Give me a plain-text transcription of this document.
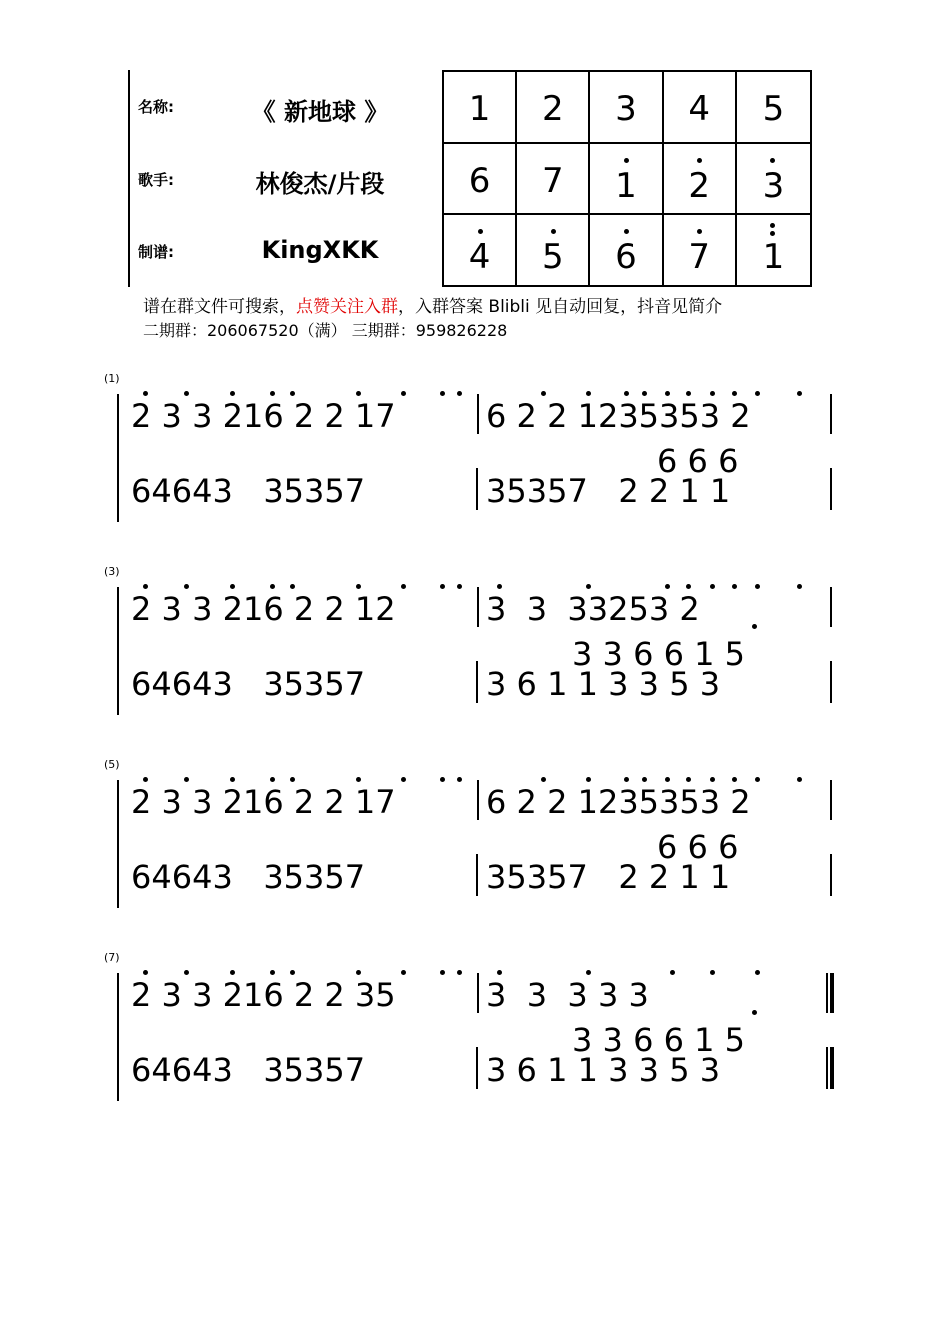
名称:	《 新地球 》
歌手:	林俊杰/片段
制谱:	KingXKK
1	2	3	4	5
6	7	1	2	3
4	5	6	7	1
谱在群文件可搜索，点赞关注入群，入群答案 Blibli 见自动回复，抖音见简介
二期群：206067520（满） 三期群：959826228
(1)
2 3 3 216 2 2 17	6 2 2 1235353 2
6 6 6
64643   35357	35357   2 2 1 1
(3)
2 3 3 216 2 2 12	3  3  33253 2
3 3 6 6 1 5
64643   35357	3 6 1 1 3 3 5 3
(5)
2 3 3 216 2 2 17	6 2 2 1235353 2
6 6 6
64643   35357	35357   2 2 1 1
(7)
2 3 3 216 2 2 35	3  3  3 3 3
3 3 6 6 1 5
64643   35357	3 6 1 1 3 3 5 3
